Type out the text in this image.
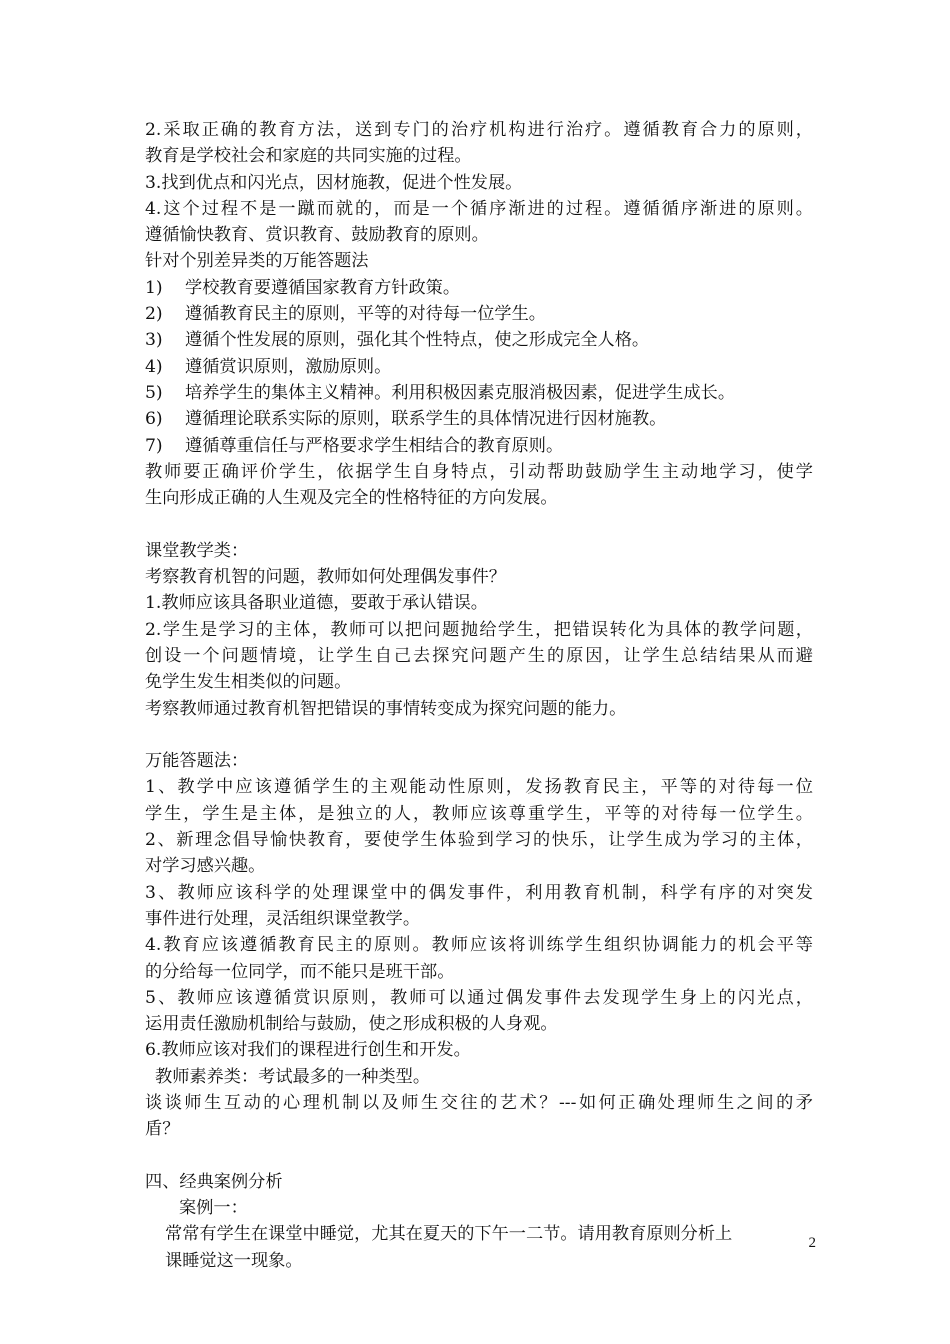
2.采取正确的教育方法，送到专门的治疗机构进行治疗。遵循教育合力的原则，
教育是学校社会和家庭的共同实施的过程。
3.找到优点和闪光点，因材施教，促进个性发展。
4.这个过程不是一蹴而就的，而是一个循序渐进的过程。遵循循序渐进的原则。
遵循愉快教育、赏识教育、鼓励教育的原则。
针对个别差异类的万能答题法
1) 学校教育要遵循国家教育方针政策。
2) 遵循教育民主的原则，平等的对待每一位学生。
3) 遵循个性发展的原则，强化其个性特点，使之形成完全人格。
4) 遵循赏识原则，激励原则。
5) 培养学生的集体主义精神。利用积极因素克服消极因素，促进学生成长。
6) 遵循理论联系实际的原则，联系学生的具体情况进行因材施教。
7) 遵循尊重信任与严格要求学生相结合的教育原则。
教师要正确评价学生，依据学生自身特点，引动帮助鼓励学生主动地学习，使学
生向形成正确的人生观及完全的性格特征的方向发展。
课堂教学类：
考察教育机智的问题，教师如何处理偶发事件？
1.教师应该具备职业道德，要敢于承认错误。
2.学生是学习的主体，教师可以把问题抛给学生，把错误转化为具体的教学问题，
创设一个问题情境，让学生自己去探究问题产生的原因，让学生总结结果从而避
免学生发生相类似的问题。
考察教师通过教育机智把错误的事情转变成为探究问题的能力。
万能答题法：
1、教学中应该遵循学生的主观能动性原则，发扬教育民主，平等的对待每一位
学生，学生是主体，是独立的人，教师应该尊重学生，平等的对待每一位学生。
2、新理念倡导愉快教育，要使学生体验到学习的快乐，让学生成为学习的主体，
对学习感兴趣。
3、教师应该科学的处理课堂中的偶发事件，利用教育机制，科学有序的对突发
事件进行处理，灵活组织课堂教学。
4.教育应该遵循教育民主的原则。教师应该将训练学生组织协调能力的机会平等
的分给每一位同学，而不能只是班干部。
5、教师应该遵循赏识原则，教师可以通过偶发事件去发现学生身上的闪光点，
运用责任激励机制给与鼓励，使之形成积极的人身观。
6.教师应该对我们的课程进行创生和开发。
教师素养类：考试最多的一种类型。
谈谈师生互动的心理机制以及师生交往的艺术？---如何正确处理师生之间的矛
盾？
四、经典案例分析
案例一：
常常有学生在课堂中睡觉，尤其在夏天的下午一二节。请用教育原则分析上
课睡觉这一现象。
2
